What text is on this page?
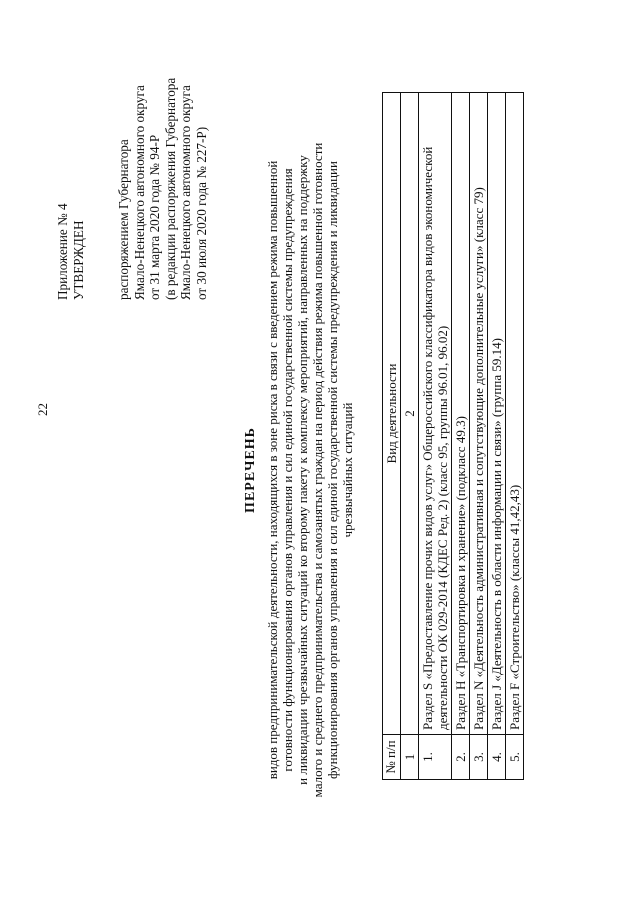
22
Приложение № 4 УТВЕРЖДЕН распоряжением Губернатора Ямало-Ненецкого автономного округа от 31 марта 2020 года № 94-Р (в редакции распоряжения Губернатора Ямало-Ненецкого автономного округа от 30 июля 2020 года № 227-Р)
ПЕРЕЧЕНЬ видов предпринимательской деятельности, находящихся в зоне риска в связи с введением режима повышенной готовности функционирования органов управления и сил единой государственной системы предупреждения и ликвидации чрезвычайных ситуаций ко второму пакету к комплексу мероприятий, направленных на поддержку малого и среднего предпринимательства и самозанятых граждан на период действия режима повышенной готовности функционирования органов управления и сил единой государственной системы предупреждения и ликвидации чрезвычайных ситуаций
№ п/п	Вид деятельности
1	2
1.	Раздел S «Предоставление прочих видов услуг» Общероссийского классификатора видов экономической деятельности ОК 029-2014 (КДЕС Ред. 2) (класс 95, группы 96.01, 96.02)
2.	Раздел H «Транспортировка и хранение» (подкласс 49.3)
3.	Раздел N «Деятельность административная и сопутствующие дополнительные услуги» (класс 79)
4.	Раздел J «Деятельность в области информации и связи» (группа 59.14)
5.	Раздел F «Строительство» (классы 41,42,43)
